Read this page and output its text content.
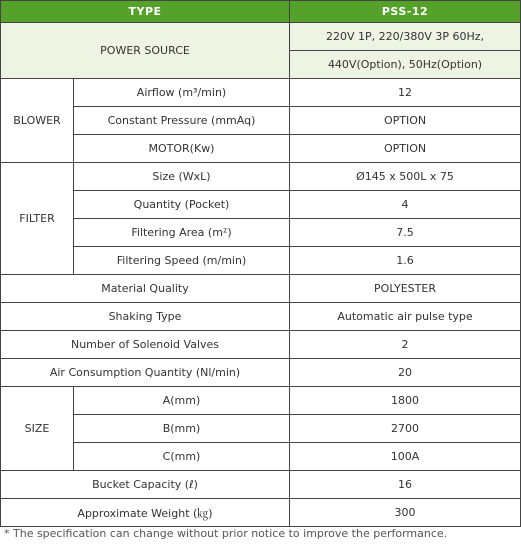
TYPE		PSS-12
POWER SOURCE		220V 1P, 220/380V 3P 60Hz,
		440V(Option), 50Hz(Option)
BLOWER	Airflow (m³/min)	12
	Constant Pressure (mmAq)	OPTION
	MOTOR(Kw)	OPTION
FILTER	Size (WxL)	Ø145 x 500L x 75
	Quantity (Pocket)	4
	Filtering Area (m²)	7.5
	Filtering Speed (m/min)	1.6
Material Quality		POLYESTER
Shaking Type		Automatic air pulse type
Number of Solenoid Valves		2
Air Consumption Quantity (Nl/min)		20
SIZE	A(mm)	1800
	B(mm)	2700
	C(mm)	100A
Bucket Capacity (ℓ)		16
Approximate Weight (㎏)		300
* The specification can change without prior notice to improve the performance.
